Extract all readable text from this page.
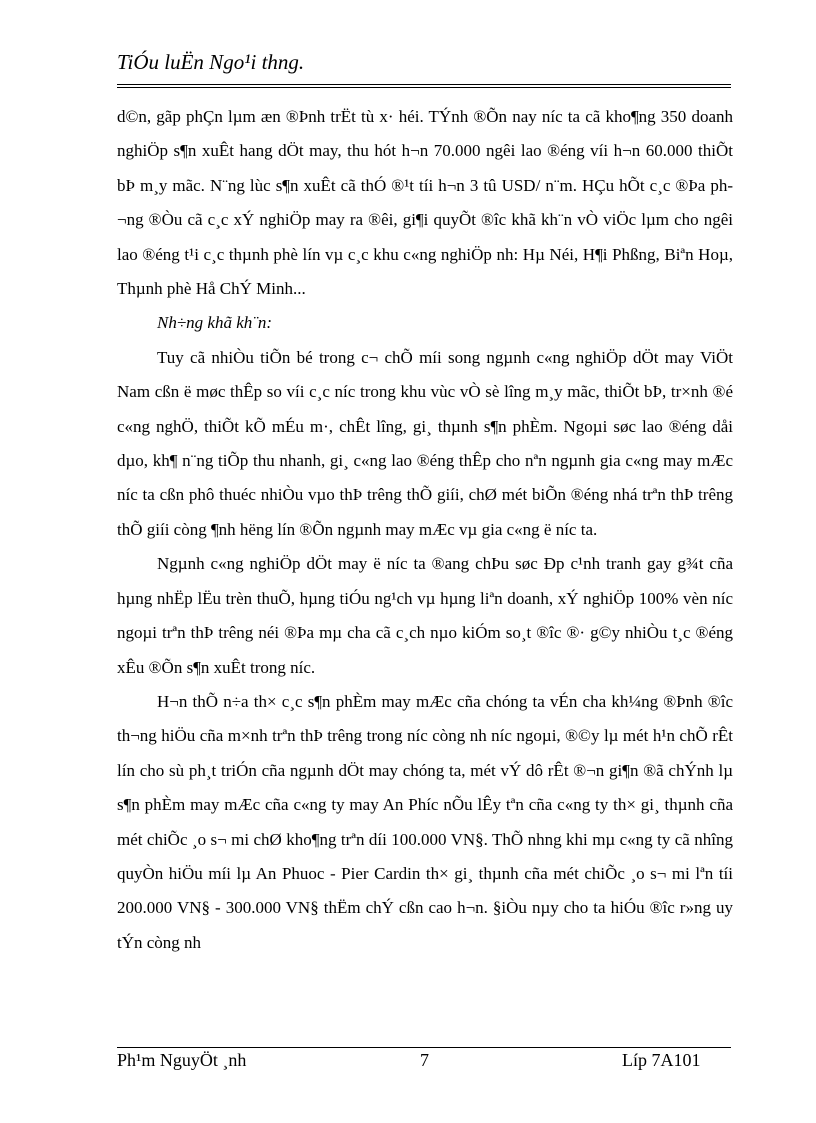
TiÓu luËn Ngo¹i thng.

d©n, gãp phÇn lµm æn ®Þnh trËt tù x· héi. TÝnh ®Õn nay níc ta cã kho¶ng 350 doanh nghiÖp s¶n xuÊt hang dÖt may, thu hót h¬n 70.000 ngêi lao ®éng víi h¬n 60.000 thiÕt bÞ m¸y mãc. N¨ng lùc s¶n xuÊt cã thÓ ®¹t tíi h¬n 3 tû USD/ n¨m. HÇu hÕt c¸c ®Þa ph¬ng ®Òu cã c¸c xÝ nghiÖp may ra ®êi, gi¶i quyÕt ®îc khã kh¨n vÒ viÖc lµm cho ngêi lao ®éng t¹i c¸c thµnh phè lín vµ c¸c khu c«ng nghiÖp nh: Hµ Néi, H¶i Phßng, Biªn Hoµ, Thµnh phè Hå ChÝ Minh...

Nh÷ng khã kh¨n:

Tuy cã nhiÒu tiÕn bé trong c¬ chÕ míi song ngµnh c«ng nghiÖp dÖt may ViÖt Nam cßn ë møc thÊp so víi c¸c níc trong khu vùc vÒ sè lîng m¸y mãc, thiÕt bÞ, tr×nh ®é c«ng nghÖ, thiÕt kÕ mÉu m·, chÊt lîng, gi¸ thµnh s¶n phÈm. Ngoµi søc lao ®éng dåi dµo, kh¶ n¨ng tiÕp thu nhanh, gi¸ c«ng lao ®éng thÊp cho nªn ngµnh gia c«ng may mÆc níc ta cßn phô thuéc nhiÒu vµo thÞ trêng thÕ giíi, chØ mét biÕn ®éng nhá trªn thÞ trêng thÕ giíi còng ¶nh hëng lín ®Õn ngµnh may mÆc vµ gia c«ng ë níc ta.

Ngµnh c«ng nghiÖp dÖt may ë níc ta ®ang chÞu søc Ðp c¹nh tranh gay g¾t cña hµng nhËp lËu trèn thuÕ, hµng tiÓu ng¹ch vµ hµng liªn doanh, xÝ nghiÖp 100% vèn níc ngoµi trªn thÞ trêng néi ®Þa mµ cha cã c¸ch nµo kiÓm so¸t ®îc ®· g©y nhiÒu t¸c ®éng xÊu ®Õn s¶n xuÊt trong níc.

H¬n thÕ n÷a th× c¸c s¶n phÈm may mÆc cña chóng ta vÉn cha kh¼ng ®Þnh ®îc th¬ng hiÖu cña m×nh trªn thÞ trêng trong níc còng nh níc ngoµi, ®©y lµ mét h¹n chÕ rÊt lín cho sù ph¸t triÓn cña ngµnh dÖt may chóng ta, mét vÝ dô rÊt ®¬n gi¶n ®ã chÝnh lµ s¶n phÈm may mÆc cña c«ng ty may An Phíc nÕu lÊy tªn cña c«ng ty th× gi¸ thµnh cña mét chiÕc ¸o s¬ mi chØ kho¶ng trªn díi 100.000 VN§. ThÕ nhng khi mµ c«ng ty cã nhîng quyÒn hiÖu míi lµ An Phuoc - Pier Cardin th× gi¸ thµnh cña mét chiÕc ¸o s¬ mi lªn tíi 200.000 VN§ - 300.000 VN§ thËm chÝ cßn cao h¬n. §iÒu nµy cho ta hiÓu ®îc r»ng uy tÝn còng nh

Ph¹m NguyÖt ¸nh	7	Líp 7A101
